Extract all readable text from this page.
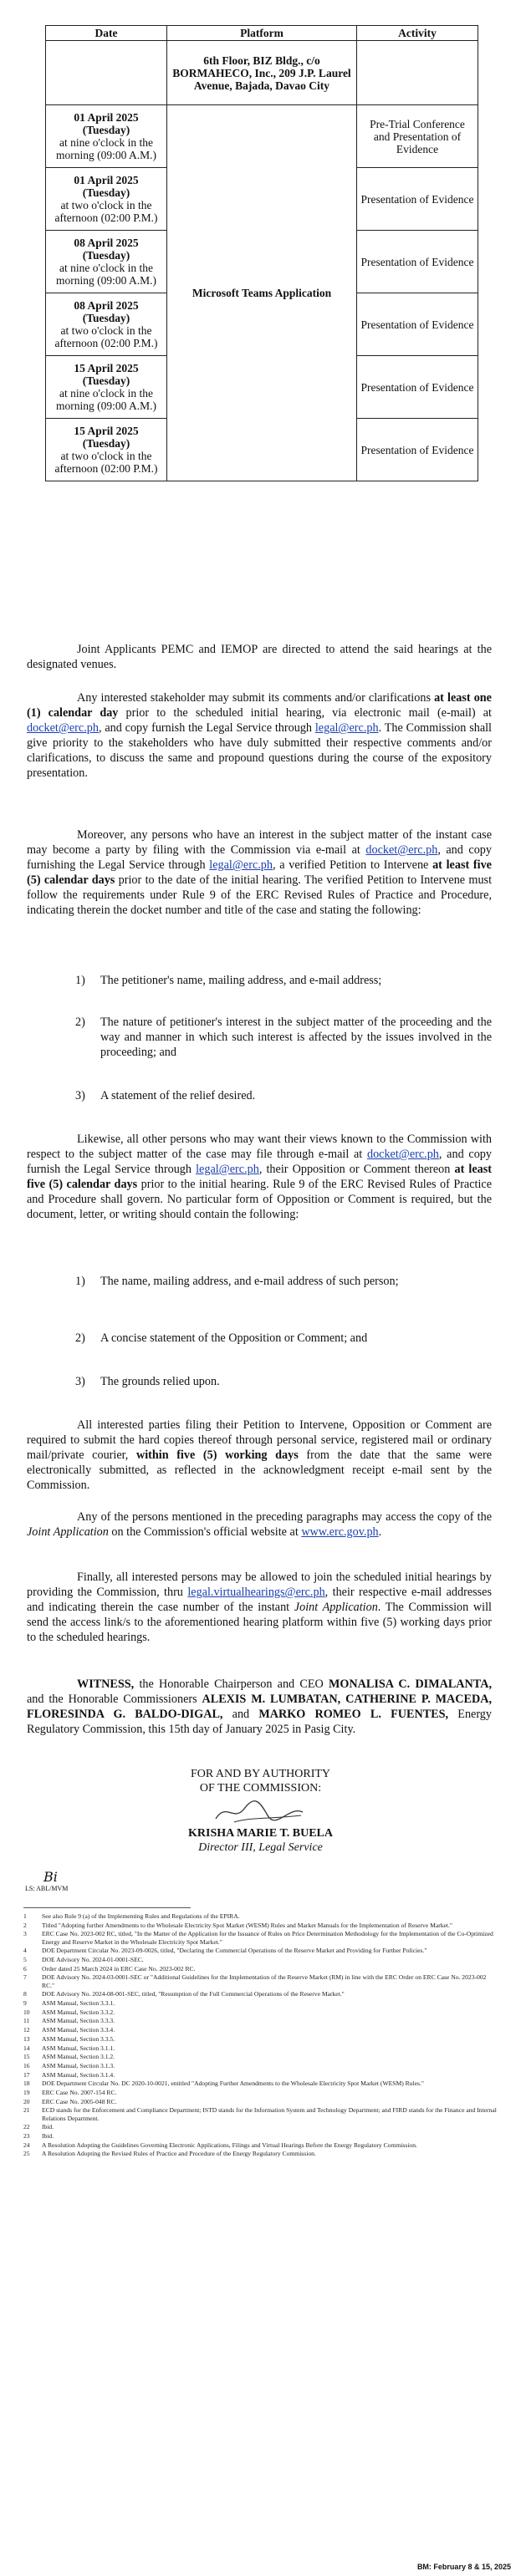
Date	Platform	Activity
	6th Floor, BIZ Bldg., c/o BORMAHECO, Inc., 209 J.P. Laurel Avenue, Bajada, Davao City	
01 April 2025 (Tuesday)
at nine o'clock in the morning (09:00 A.M.)	Microsoft Teams Application	Pre-Trial Conference and Presentation of Evidence
01 April 2025 (Tuesday)
at two o'clock in the afternoon (02:00 P.M.)		Presentation of Evidence
08 April 2025 (Tuesday)
at nine o'clock in the morning (09:00 A.M.)		Presentation of Evidence
08 April 2025 (Tuesday)
at two o'clock in the afternoon (02:00 P.M.)		Presentation of Evidence
15 April 2025 (Tuesday)
at nine o'clock in the morning (09:00 A.M.)		Presentation of Evidence
15 April 2025 (Tuesday)
at two o'clock in the afternoon (02:00 P.M.)		Presentation of Evidence

Joint Applicants PEMC and IEMOP are directed to attend the said hearings at the designated venues.

Any interested stakeholder may submit its comments and/or clarifications at least one (1) calendar day prior to the scheduled initial hearing, via electronic mail (e-mail) at docket@erc.ph, and copy furnish the Legal Service through legal@erc.ph. The Commission shall give priority to the stakeholders who have duly submitted their respective comments and/or clarifications, to discuss the same and propound questions during the course of the expository presentation.

Moreover, any persons who have an interest in the subject matter of the instant case may become a party by filing with the Commission via e-mail at docket@erc.ph, and copy furnishing the Legal Service through legal@erc.ph, a verified Petition to Intervene at least five (5) calendar days prior to the date of the initial hearing. The verified Petition to Intervene must follow the requirements under Rule 9 of the ERC Revised Rules of Practice and Procedure, indicating therein the docket number and title of the case and stating the following:

1) The petitioner's name, mailing address, and e-mail address;

2) The nature of petitioner's interest in the subject matter of the proceeding and the way and manner in which such interest is affected by the issues involved in the proceeding; and

3) A statement of the relief desired.

Likewise, all other persons who may want their views known to the Commission with respect to the subject matter of the case may file through e-mail at docket@erc.ph, and copy furnish the Legal Service through legal@erc.ph, their Opposition or Comment thereon at least five (5) calendar days prior to the initial hearing. Rule 9 of the ERC Revised Rules of Practice and Procedure shall govern. No particular form of Opposition or Comment is required, but the document, letter, or writing should contain the following:

1) The name, mailing address, and e-mail address of such person;

2) A concise statement of the Opposition or Comment; and

3) The grounds relied upon.

All interested parties filing their Petition to Intervene, Opposition or Comment are required to submit the hard copies thereof through personal service, registered mail or ordinary mail/private courier, within five (5) working days from the date that the same were electronically submitted, as reflected in the acknowledgment receipt e-mail sent by the Commission.

Any of the persons mentioned in the preceding paragraphs may access the copy of the Joint Application on the Commission's official website at www.erc.gov.ph.

Finally, all interested persons may be allowed to join the scheduled initial hearings by providing the Commission, thru legal.virtualhearings@erc.ph, their respective e-mail addresses and indicating therein the case number of the instant Joint Application. The Commission will send the access link/s to the aforementioned hearing platform within five (5) working days prior to the scheduled hearings.

WITNESS, the Honorable Chairperson and CEO MONALISA C. DIMALANTA, and the Honorable Commissioners ALEXIS M. LUMBATAN, CATHERINE P. MACEDA, FLORESINDA G. BALDO-DIGAL, and MARKO ROMEO L. FUENTES, Energy Regulatory Commission, this 15th day of January 2025 in Pasig City.

FOR AND BY AUTHORITY
OF THE COMMISSION:
KRISHA MARIE T. BUELA
Director III, Legal Service
Bi
LS: ABL/MVM
1 See also Rule 9 (a) of the Implementing Rules and Regulations of the EPIRA.
2 Titled "Adopting further Amendments to the Wholesale Electricity Spot Market (WESM) Rules and Market Manuals for the Implementation of Reserve Market."
3 ERC Case No. 2023-002 RC, titled, "In the Matter of the Application for the Issuance of Rules on Price Determination Methodology for the Implementation of the Co-Optimized Energy and Reserve Market in the Wholesale Electricity Spot Market."
4 DOE Department Circular No. 2023-09-0026, titled, "Declaring the Commercial Operations of the Reserve Market and Providing for Further Policies."
5 DOE Advisory No. 2024-01-0001-SEC.
6 Order dated 25 March 2024 in ERC Case No. 2023-002 RC.
7 DOE Advisory No. 2024-03-0001-SEC or "Additional Guidelines for the Implementation of the Reserve Market (RM) in line with the ERC Order on ERC Case No. 2023-002 RC."
8 DOE Advisory No. 2024-08-001-SEC, titled, "Resumption of the Full Commercial Operations of the Reserve Market."
9 ASM Manual, Section 3.3.1.
10 ASM Manual, Section 3.3.2.
11 ASM Manual, Section 3.3.3.
12 ASM Manual, Section 3.3.4.
13 ASM Manual, Section 3.3.5.
14 ASM Manual, Section 3.1.1.
15 ASM Manual, Section 3.1.2.
16 ASM Manual, Section 3.1.3.
17 ASM Manual, Section 3.1.4.
18 DOE Department Circular No. DC 2020-10-0021, entitled "Adopting Further Amendments to the Wholesale Electricity Spot Market (WESM) Rules."
19 ERC Case No. 2007-154 RC.
20 ERC Case No. 2005-048 RC.
21 ECD stands for the Enforcement and Compliance Department; ISTD stands for the Information System and Technology Department; and FIRD stands for the Finance and Internal Relations Department.
22 Ibid.
23 Ibid.
24 A Resolution Adopting the Guidelines Governing Electronic Applications, Filings and Virtual Hearings Before the Energy Regulatory Commission.
25 A Resolution Adopting the Revised Rules of Practice and Procedure of the Energy Regulatory Commission.
BM: February 8 & 15, 2025
